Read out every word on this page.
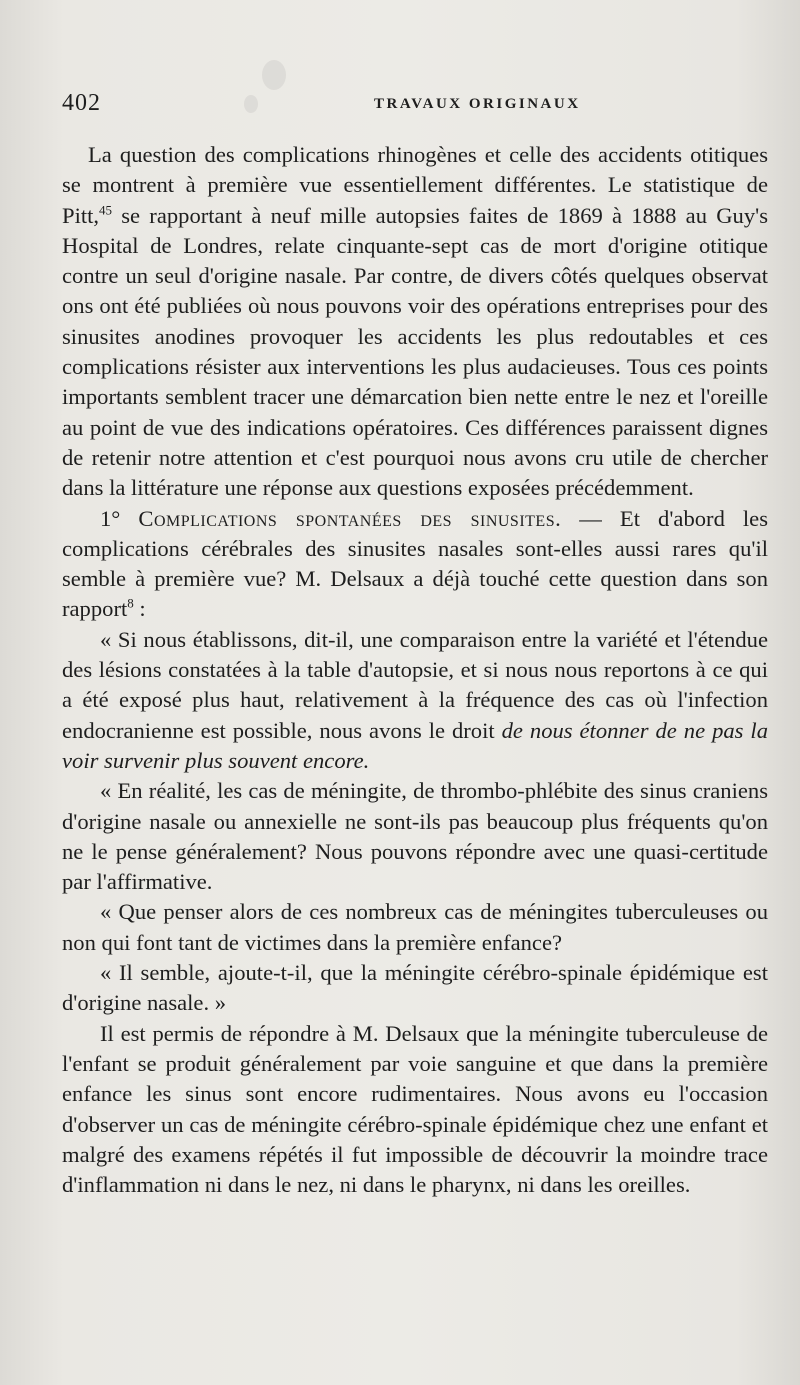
402	TRAVAUX ORIGINAUX

La question des complications rhinogènes et celle des accidents otitiques se montrent à première vue essentiellement différentes. Le statistique de Pitt,$^{45}$ se rapportant à neuf mille autopsies faites de 1869 à 1888 au Guy's Hospital de Londres, relate cinquante-sept cas de mort d'origine otitique contre un seul d'origine nasale. Par contre, de divers côtés quelques observat ons ont été publiées où nous pouvons voir des opérations entreprises pour des sinusites anodines provoquer les accidents les plus redoutables et ces complications résister aux interventions les plus audacieuses. Tous ces points importants semblent tracer une démarcation bien nette entre le nez et l'oreille au point de vue des indications opératoires. Ces différences paraissent dignes de retenir notre attention et c'est pourquoi nous avons cru utile de chercher dans la littérature une réponse aux questions exposées précédemment.

1° Complications spontanées des sinusites. — Et d'abord les complications cérébrales des sinusites nasales sont-elles aussi rares qu'il semble à première vue? M. Delsaux a déjà touché cette question dans son rapport$^8$ :

« Si nous établissons, dit-il, une comparaison entre la variété et l'étendue des lésions constatées à la table d'autopsie, et si nous nous reportons à ce qui a été exposé plus haut, relativement à la fréquence des cas où l'infection endocranienne est possible, nous avons le droit de nous étonner de ne pas la voir survenir plus souvent encore.

« En réalité, les cas de méningite, de thrombo-phlébite des sinus craniens d'origine nasale ou annexielle ne sont-ils pas beaucoup plus fréquents qu'on ne le pense généralement? Nous pouvons répondre avec une quasi-certitude par l'affirmative.

« Que penser alors de ces nombreux cas de méningites tuberculeuses ou non qui font tant de victimes dans la première enfance?

« Il semble, ajoute-t-il, que la méningite cérébro-spinale épidémique est d'origine nasale. »

Il est permis de répondre à M. Delsaux que la méningite tuberculeuse de l'enfant se produit généralement par voie sanguine et que dans la première enfance les sinus sont encore rudimentaires. Nous avons eu l'occasion d'observer un cas de méningite cérébro-spinale épidémique chez une enfant et malgré des examens répétés il fut impossible de découvrir la moindre trace d'inflammation ni dans le nez, ni dans le pharynx, ni dans les oreilles.
